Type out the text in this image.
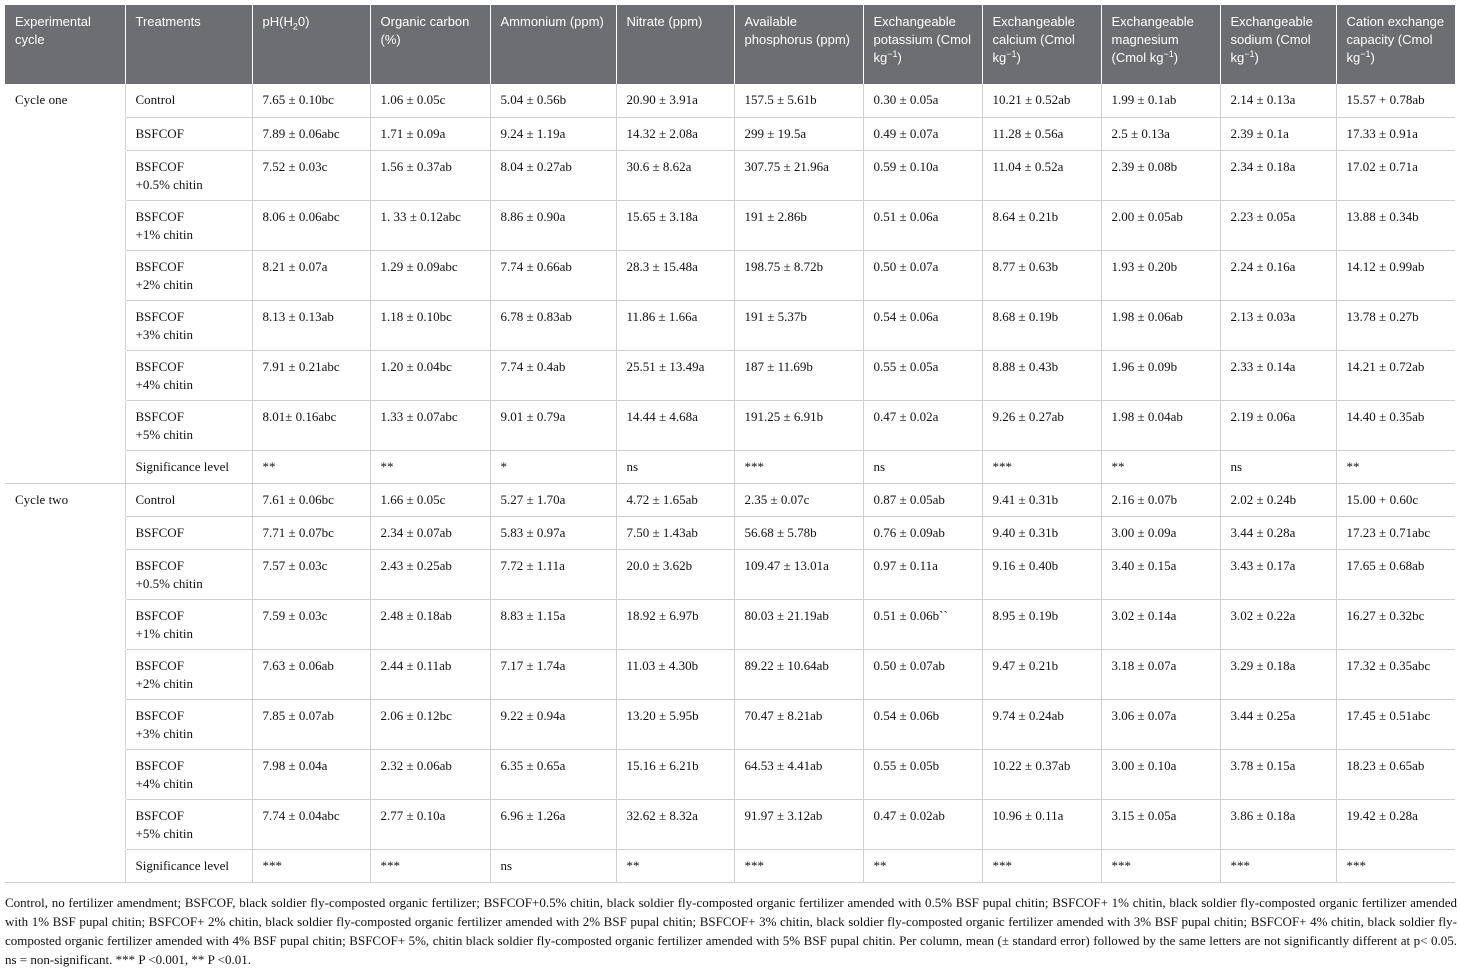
Experimental cycle	Treatments	$pH(H_20)$	Organic carbon (%)	Ammonium (ppm)	Nitrate (ppm)	Available phosphorus (ppm)	Exchangeable potassium (Cmol $kg^{-1}$)	Exchangeable calcium (Cmol $kg^{-1}$)	Exchangeable magnesium (Cmol $kg^{-1}$)	Exchangeable sodium (Cmol $kg^{-1}$)	Cation exchange capacity (Cmol $kg^{-1}$)
Cycle one	Control	7.65 ± 0.10bc	1.06 ± 0.05c	5.04 ± 0.56b	20.90 ± 3.91a	157.5 ± 5.61b	0.30 ± 0.05a	10.21 ± 0.52ab	1.99 ± 0.1ab	2.14 ± 0.13a	15.57 + 0.78ab

	BSFCOF	7.89 ± 0.06abc	1.71 ± 0.09a	9.24 ± 1.19a	14.32 ± 2.08a	299 ± 19.5a	0.49 ± 0.07a	11.28 ± 0.56a	2.5 ± 0.13a	2.39 ± 0.1a	17.33 ± 0.91a

	BSFCOF
+0.5% chitin	7.52 ± 0.03c	1.56 ± 0.37ab	8.04 ± 0.27ab	30.6 ± 8.62a	307.75 ± 21.96a	0.59 ± 0.10a	11.04 ± 0.52a	2.39 ± 0.08b	2.34 ± 0.18a	17.02 ± 0.71a

	BSFCOF
+1% chitin	8.06 ± 0.06abc	1. 33 ± 0.12abc	8.86 ± 0.90a	15.65 ± 3.18a	191 ± 2.86b	0.51 ± 0.06a	8.64 ± 0.21b	2.00 ± 0.05ab	2.23 ± 0.05a	13.88 ± 0.34b

	BSFCOF
+2% chitin	8.21 ± 0.07a	1.29 ± 0.09abc	7.74 ± 0.66ab	28.3 ± 15.48a	198.75 ± 8.72b	0.50 ± 0.07a	8.77 ± 0.63b	1.93 ± 0.20b	2.24 ± 0.16a	14.12 ± 0.99ab

	BSFCOF
+3% chitin	8.13 ± 0.13ab	1.18 ± 0.10bc	6.78 ± 0.83ab	11.86 ± 1.66a	191 ± 5.37b	0.54 ± 0.06a	8.68 ± 0.19b	1.98 ± 0.06ab	2.13 ± 0.03a	13.78 ± 0.27b

	BSFCOF
+4% chitin	7.91 ± 0.21abc	1.20 ± 0.04bc	7.74 ± 0.4ab	25.51 ± 13.49a	187 ± 11.69b	0.55 ± 0.05a	8.88 ± 0.43b	1.96 ± 0.09b	2.33 ± 0.14a	14.21 ± 0.72ab

	BSFCOF
+5% chitin	8.01± 0.16abc	1.33 ± 0.07abc	9.01 ± 0.79a	14.44 ± 4.68a	191.25 ± 6.91b	0.47 ± 0.02a	9.26 ± 0.27ab	1.98 ± 0.04ab	2.19 ± 0.06a	14.40 ± 0.35ab

	Significance level	**	**	*	ns	***	ns	***	**	ns	**
Cycle two	Control	7.61 ± 0.06bc	1.66 ± 0.05c	5.27 ± 1.70a	4.72 ± 1.65ab	2.35 ± 0.07c	0.87 ± 0.05ab	9.41 ± 0.31b	2.16 ± 0.07b	2.02 ± 0.24b	15.00 + 0.60c

	BSFCOF	7.71 ± 0.07bc	2.34 ± 0.07ab	5.83 ± 0.97a	7.50 ± 1.43ab	56.68 ± 5.78b	0.76 ± 0.09ab	9.40 ± 0.31b	3.00 ± 0.09a	3.44 ± 0.28a	17.23 ± 0.71abc

	BSFCOF
+0.5% chitin	7.57 ± 0.03c	2.43 ± 0.25ab	7.72 ± 1.11a	20.0 ± 3.62b	109.47 ± 13.01a	0.97 ± 0.11a	9.16 ± 0.40b	3.40 ± 0.15a	3.43 ± 0.17a	17.65 ± 0.68ab

	BSFCOF
+1% chitin	7.59 ± 0.03c	2.48 ± 0.18ab	8.83 ± 1.15a	18.92 ± 6.97b	80.03 ± 21.19ab	0.51 ± 0.06b``	8.95 ± 0.19b	3.02 ± 0.14a	3.02 ± 0.22a	16.27 ± 0.32bc

	BSFCOF
+2% chitin	7.63 ± 0.06ab	2.44 ± 0.11ab	7.17 ± 1.74a	11.03 ± 4.30b	89.22 ± 10.64ab	0.50 ± 0.07ab	9.47 ± 0.21b	3.18 ± 0.07a	3.29 ± 0.18a	17.32 ± 0.35abc

	BSFCOF
+3% chitin	7.85 ± 0.07ab	2.06 ± 0.12bc	9.22 ± 0.94a	13.20 ± 5.95b	70.47 ± 8.21ab	0.54 ± 0.06b	9.74 ± 0.24ab	3.06 ± 0.07a	3.44 ± 0.25a	17.45 ± 0.51abc

	BSFCOF
+4% chitin	7.98 ± 0.04a	2.32 ± 0.06ab	6.35 ± 0.65a	15.16 ± 6.21b	64.53 ± 4.41ab	0.55 ± 0.05b	10.22 ± 0.37ab	3.00 ± 0.10a	3.78 ± 0.15a	18.23 ± 0.65ab

	BSFCOF
+5% chitin	7.74 ± 0.04abc	2.77 ± 0.10a	6.96 ± 1.26a	32.62 ± 8.32a	91.97 ± 3.12ab	0.47 ± 0.02ab	10.96 ± 0.11a	3.15 ± 0.05a	3.86 ± 0.18a	19.42 ± 0.28a

	Significance level	***	***	ns	**	***	**	***	***	***	***
Control, no fertilizer amendment; BSFCOF, black soldier fly-composted organic fertilizer; BSFCOF+0.5% chitin, black soldier fly-composted organic fertilizer amended with 0.5% BSF pupal chitin; BSFCOF+ 1% chitin, black soldier fly-composted organic fertilizer amended with 1% BSF pupal chitin; BSFCOF+ 2% chitin, black soldier fly-composted organic fertilizer amended with 2% BSF pupal chitin; BSFCOF+ 3% chitin, black soldier fly-composted organic fertilizer amended with 3% BSF pupal chitin; BSFCOF+ 4% chitin, black soldier fly-composted organic fertilizer amended with 4% BSF pupal chitin; BSFCOF+ 5%, chitin black soldier fly-composted organic fertilizer amended with 5% BSF pupal chitin. Per column, mean (± standard error) followed by the same letters are not significantly different at p< 0.05. ns = non-significant. *** P <0.001, ** P <0.01.
